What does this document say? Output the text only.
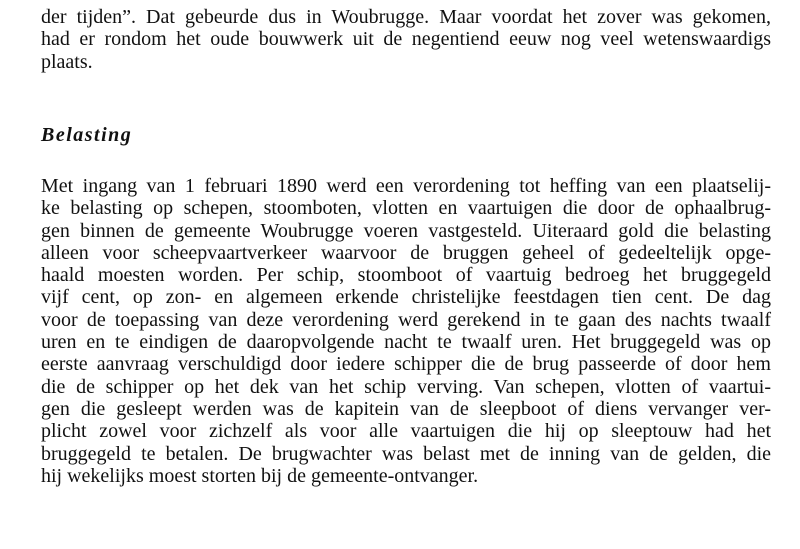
der tijden”. Dat gebeurde dus in Woubrugge. Maar voordat het zover was gekomen,
had er rondom het oude bouwwerk uit de negentiend eeuw nog veel wetenswaardigs
plaats.
Belasting
Met ingang van 1 februari 1890 werd een verordening tot heffing van een plaatselij-
ke belasting op schepen, stoomboten, vlotten en vaartuigen die door de ophaalbrug-
gen binnen de gemeente Woubrugge voeren vastgesteld. Uiteraard gold die belasting
alleen voor scheepvaartverkeer waarvoor de bruggen geheel of gedeeltelijk opge-
haald moesten worden. Per schip, stoomboot of vaartuig bedroeg het bruggegeld
vijf cent, op zon- en algemeen erkende christelijke feestdagen tien cent. De dag
voor de toepassing van deze verordening werd gerekend in te gaan des nachts twaalf
uren en te eindigen de daaropvolgende nacht te twaalf uren. Het bruggegeld was op
eerste aanvraag verschuldigd door iedere schipper die de brug passeerde of door hem
die de schipper op het dek van het schip verving. Van schepen, vlotten of vaartui-
gen die gesleept werden was de kapitein van de sleepboot of diens vervanger ver-
plicht zowel voor zichzelf als voor alle vaartuigen die hij op sleeptouw had het
bruggegeld te betalen. De brugwachter was belast met de inning van de gelden, die
hij wekelijks moest storten bij de gemeente-ontvanger.
